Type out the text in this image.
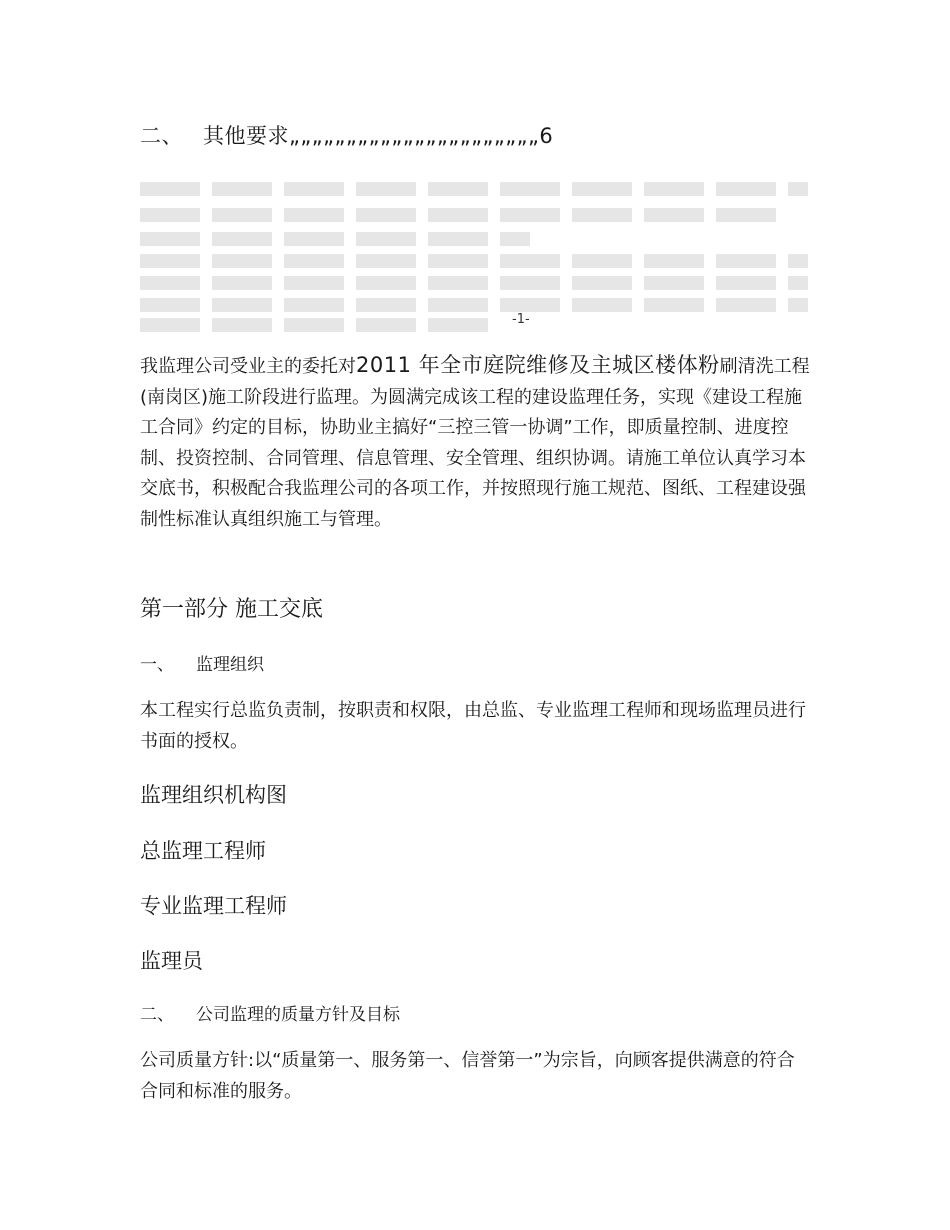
二、 其他要求„„„„„„„„„„„„„„„„„„„„„„6
-1-
我监理公司受业主的委托对2011 年全市庭院维修及主城区楼体粉刷清洗工程(南岗区)施工阶段进行监理。为圆满完成该工程的建设监理任务，实现《建设工程施工合同》约定的目标，协助业主搞好“三控三管一协调”工作，即质量控制、进度控制、投资控制、合同管理、信息管理、安全管理、组织协调。请施工单位认真学习本交底书，积极配合我监理公司的各项工作，并按照现行施工规范、图纸、工程建设强制性标准认真组织施工与管理。
第一部分 施工交底
一、 监理组织
本工程实行总监负责制，按职责和权限，由总监、专业监理工程师和现场监理员进行书面的授权。
监理组织机构图
总监理工程师
专业监理工程师
监理员
二、 公司监理的质量方针及目标
公司质量方针:以“质量第一、服务第一、信誉第一”为宗旨，向顾客提供满意的符合合同和标准的服务。
